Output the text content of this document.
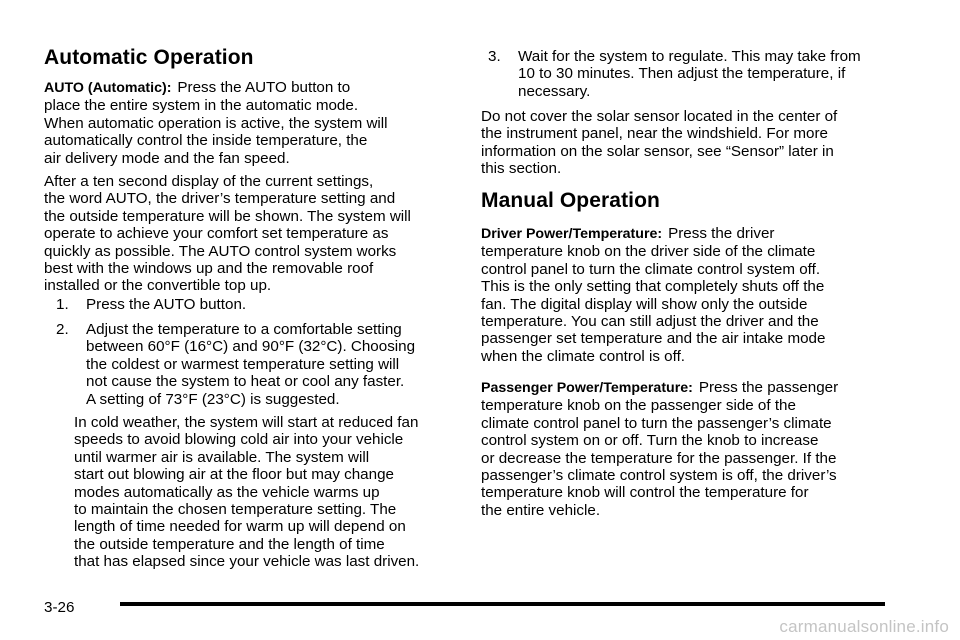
Automatic Operation

AUTO (Automatic): Press the AUTO button to
place the entire system in the automatic mode.
When automatic operation is active, the system will
automatically control the inside temperature, the
air delivery mode and the fan speed.

After a ten second display of the current settings,
the word AUTO, the driver’s temperature setting and
the outside temperature will be shown. The system will
operate to achieve your comfort set temperature as
quickly as possible. The AUTO control system works
best with the windows up and the removable roof
installed or the convertible top up.

1. Press the AUTO button.

2. Adjust the temperature to a comfortable setting
between 60°F (16°C) and 90°F (32°C). Choosing
the coldest or warmest temperature setting will
not cause the system to heat or cool any faster.
A setting of 73°F (23°C) is suggested.

In cold weather, the system will start at reduced fan
speeds to avoid blowing cold air into your vehicle
until warmer air is available. The system will
start out blowing air at the floor but may change
modes automatically as the vehicle warms up
to maintain the chosen temperature setting. The
length of time needed for warm up will depend on
the outside temperature and the length of time
that has elapsed since your vehicle was last driven.

3. Wait for the system to regulate. This may take from
10 to 30 minutes. Then adjust the temperature, if
necessary.

Do not cover the solar sensor located in the center of
the instrument panel, near the windshield. For more
information on the solar sensor, see “Sensor” later in
this section.

Manual Operation

Driver Power/Temperature: Press the driver
temperature knob on the driver side of the climate
control panel to turn the climate control system off.
This is the only setting that completely shuts off the
fan. The digital display will show only the outside
temperature. You can still adjust the driver and the
passenger set temperature and the air intake mode
when the climate control is off.

Passenger Power/Temperature: Press the passenger
temperature knob on the passenger side of the
climate control panel to turn the passenger’s climate
control system on or off. Turn the knob to increase
or decrease the temperature for the passenger. If the
passenger’s climate control system is off, the driver’s
temperature knob will control the temperature for
the entire vehicle.

3-26
carmanualsonline.info
